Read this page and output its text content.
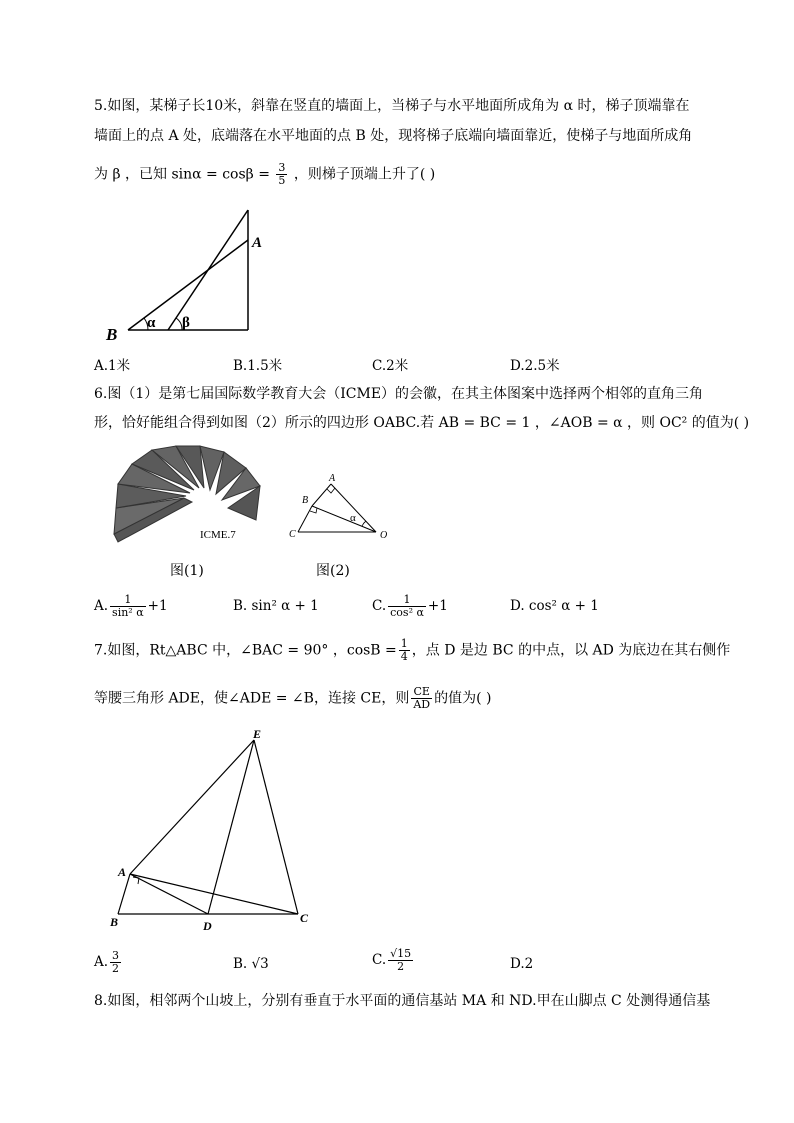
5.如图，某梯子长10米，斜靠在竖直的墙面上，当梯子与水平地面所成角为 α 时，梯子顶端靠在
墙面上的点 A 处，底端落在水平地面的点 B 处，现将梯子底端向墙面靠近，使梯子与地面所成角
为 β ，已知 $\sin\alpha = \cos\beta = \frac{3}{5}$ ，则梯子顶端上升了( )
B
A
α β
A.1米	B.1.5米	C.2米	D.2.5米
6.图（1）是第七届国际数学教育大会（ICME）的会徽，在其主体图案中选择两个相邻的直角三角
形，恰好能组合得到如图（2）所示的四边形 OABC.若 AB = BC = 1 ，∠AOB = α ，则 OC² 的值为( )
ICME.7
A
B
C	O
α
图(1)	图(2)
A. $\frac{1}{\text{sin² α}} +1$	B. sin² α + 1	C. $\frac{1}{\text{cos² α}} +1$	D. cos² α + 1
7.如图，Rt△ABC 中，∠BAC = 90° ，$\cos B = \frac{1}{4}$ ，点 D 是边 BC 的中点，以 AD 为底边在其右侧作
等腰三角形 ADE，使∠ADE = ∠B，连接 CE，则 $\frac{CE}{AD}$ 的值为( )
E
A
B	D
C
A. $\frac{3}{2}$	B. √3	C. $\frac{√15}{2}$	D.2
8.如图，相邻两个山坡上，分别有垂直于水平面的通信基站 MA 和 ND.甲在山脚点 C 处测得通信基
